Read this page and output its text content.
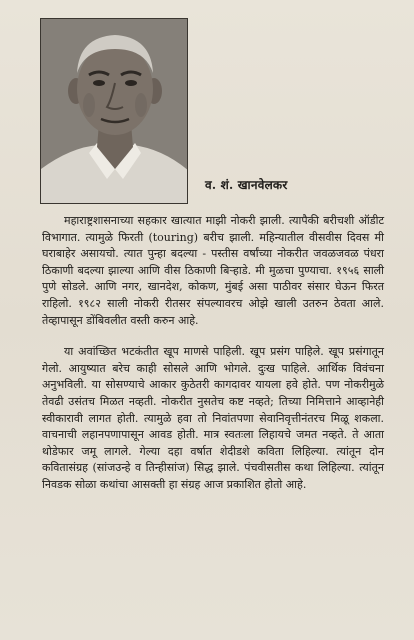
व. शं. खानवेलकर

महाराष्ट्रशासनाच्या सहकार खात्यात माझी नोकरी झाली. त्यापैकी बरीचशी ऑडीट विभागात. त्यामुळे फिरती (touring) बरीच झाली. महिन्यातील वीसवीस दिवस मी घराबाहेर असायचो. त्यात पुन्हा बदल्या - पस्तीस वर्षांच्या नोकरीत जवळजवळ पंधरा ठिकाणी बदल्या झाल्या आणि वीस ठिकाणी बिऱ्हाडे. मी मुळचा पुण्याचा. १९५६ साली पुणे सोडले. आणि नगर, खानदेश, कोकण, मुंबई असा पाठीवर संसार घेऊन फिरत राहिलो. १९८२ साली नोकरी रीतसर संपल्यावरच ओझे खाली उतरुन ठेवता आले. तेव्हापासून डोंबिवलीत वस्ती करुन आहे.

या अवांच्छित भटकंतीत खूप माणसे पाहिली. खूप प्रसंग पाहिले. खूप प्रसंगातून गेलो. आयुष्यात बरेच काही सोसले आणि भोगले. दुःख पाहिले. आर्थिक विवंचना अनुभविली. या सोसण्याचे आकार कुठेतरी कागदावर यायला हवे होते. पण नोकरीमुळे तेवढी उसंतच मिळत नव्हती. नोकरीत नुसतेच कष्ट नव्हते; तिच्या निमित्ताने आव्हानेही स्वीकारावी लागत होती. त्यामुळे हवा तो निवांतपणा सेवानिवृत्तीनंतरच मिळू शकला. वाचनाची लहानपणापासून आवड होती. मात्र स्वतःला लिहायचे जमत नव्हते. ते आता थोडेफार जमू लागले. गेल्या दहा वर्षात शेदीडशे कविता लिहिल्या. त्यांतून दोन कवितासंग्रह (सांजउन्हे व तिन्हीसांज) सिद्ध झाले. पंचवीसतीस कथा लिहिल्या. त्यांतून निवडक सोळा कथांचा आसक्ती हा संग्रह आज प्रकाशित होतो आहे.
